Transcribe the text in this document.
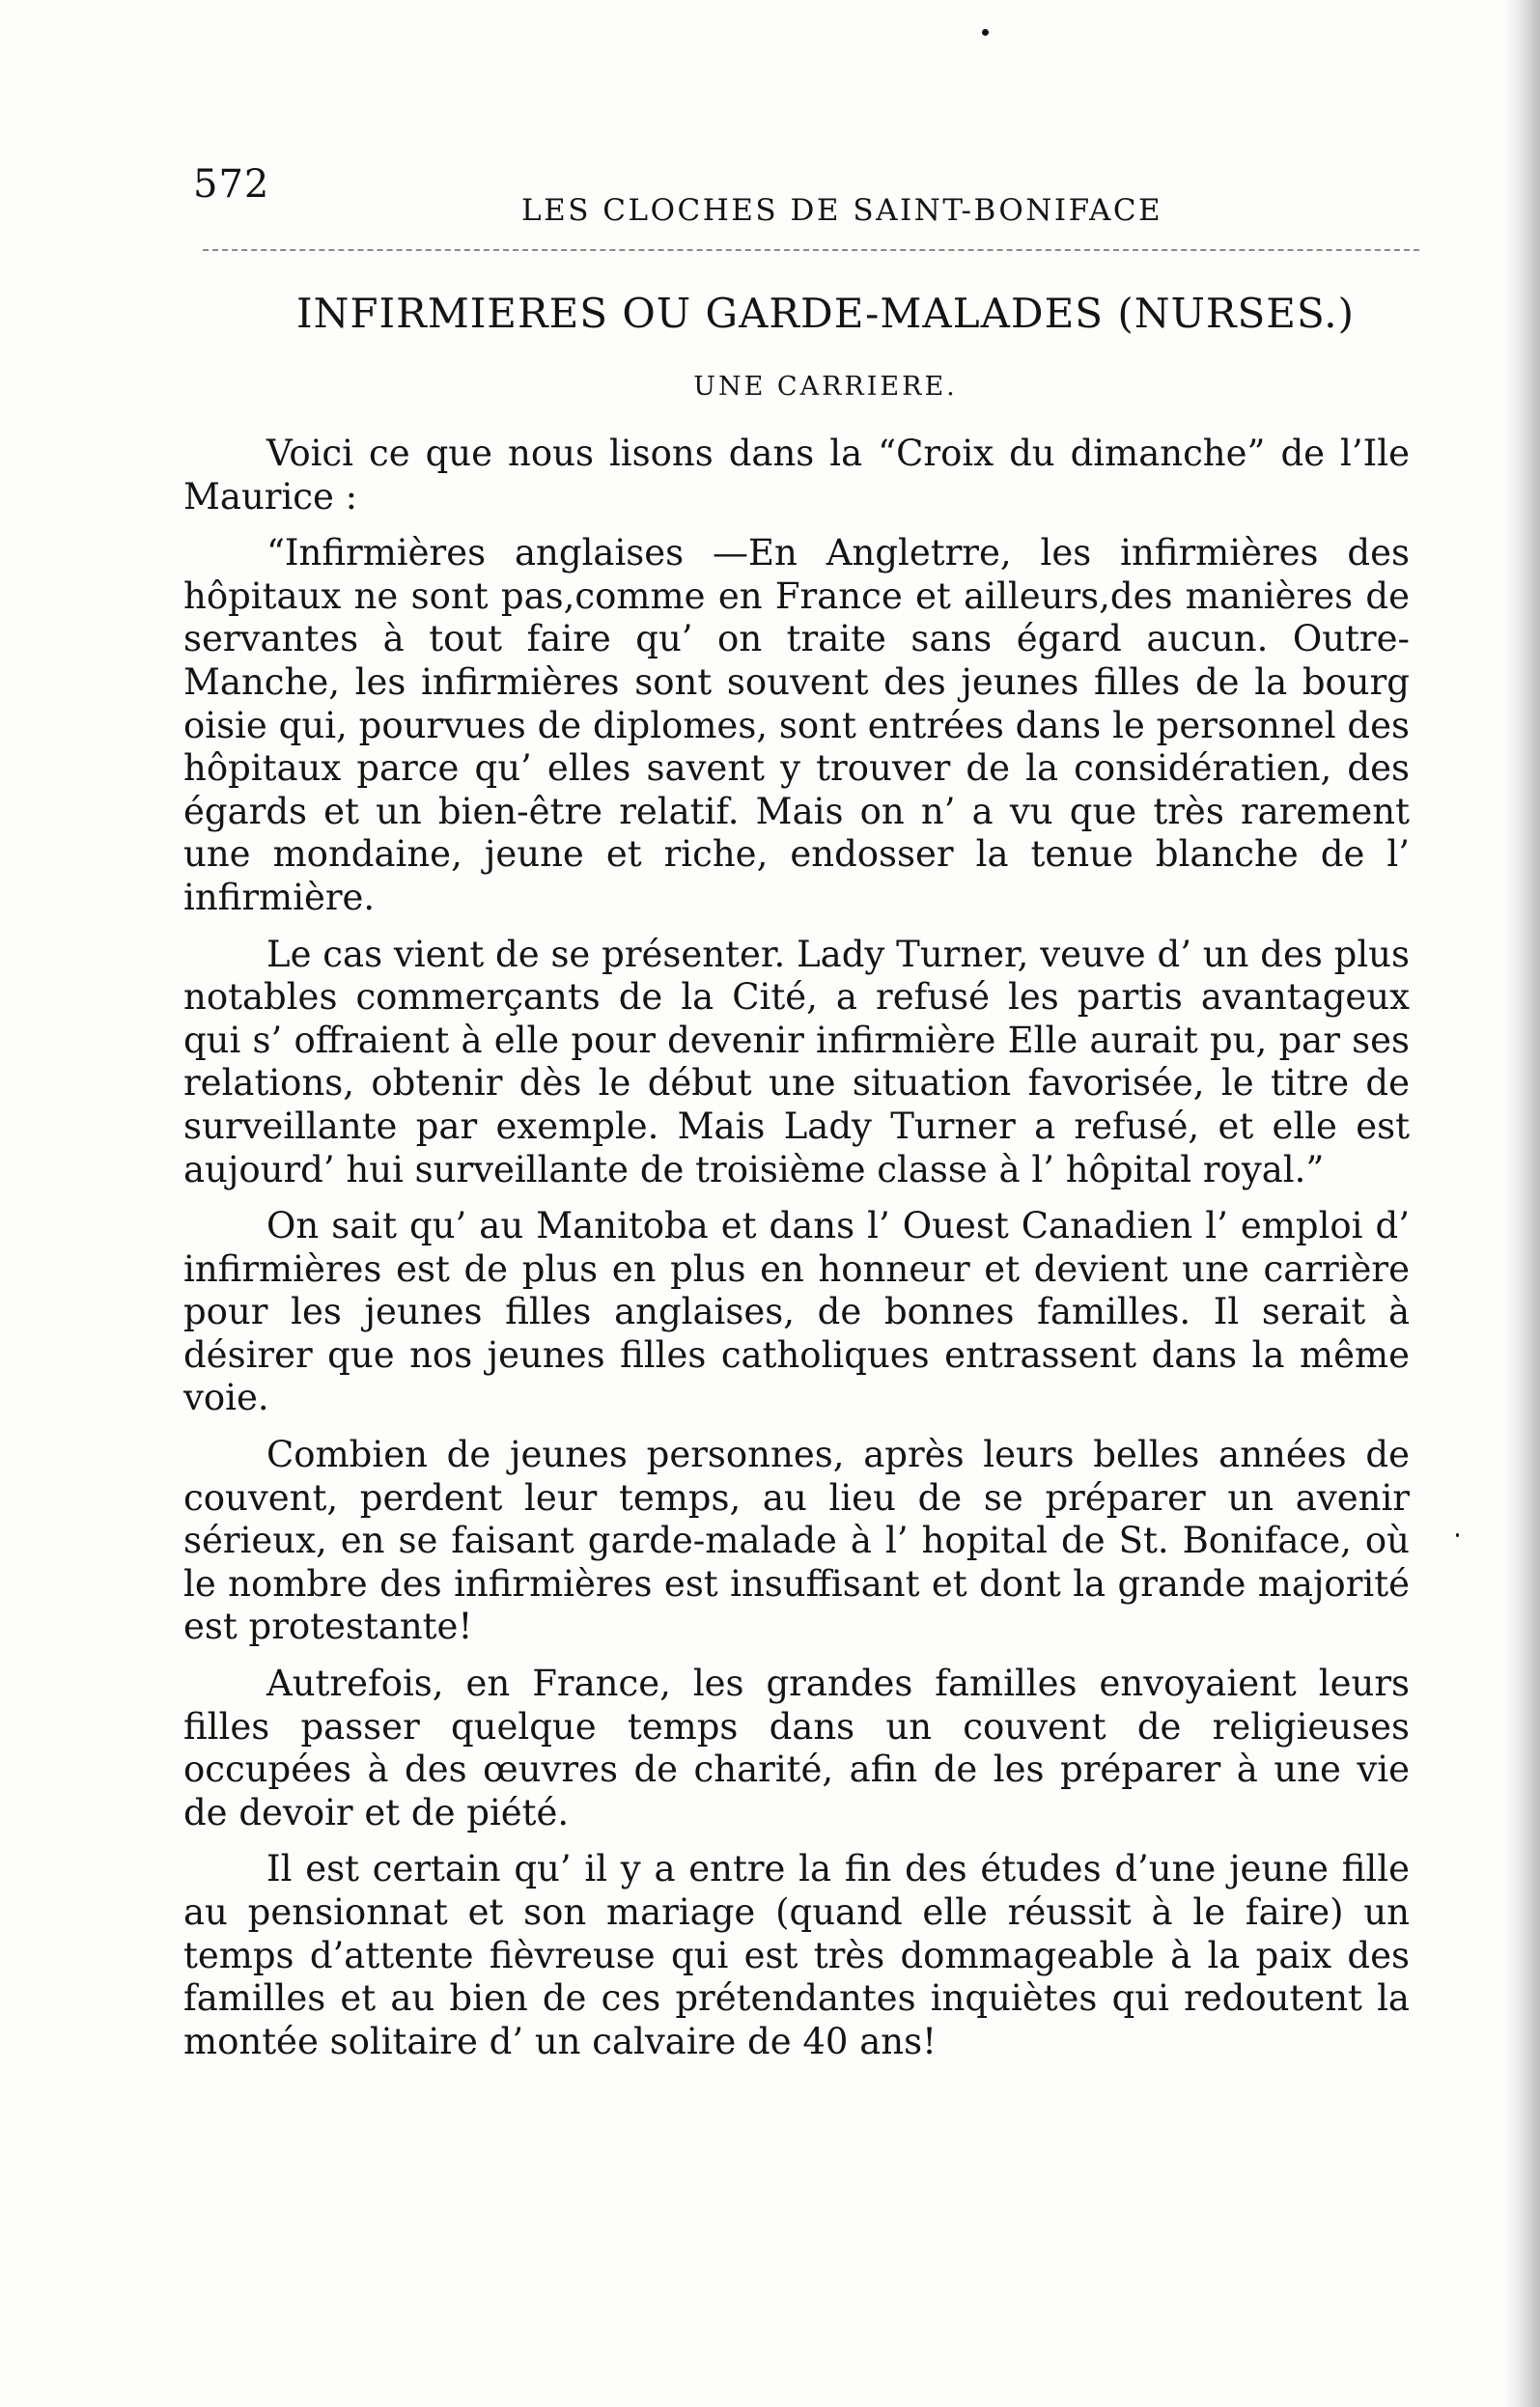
572
LES CLOCHES DE SAINT-BONIFACE
INFIRMIERES OU GARDE-MALADES (NURSES.)
UNE CARRIERE.

Voici ce que nous lisons dans la “Croix du dimanche” de l’Ile Maurice :

“Infirmières anglaises —En Angletrre, les infirmières des hôpitaux ne sont pas,comme en France et ailleurs,des manières de servantes à tout faire qu’ on traite sans égard aucun. Outre-Manche, les infirmières sont souvent des jeunes filles de la bourg oisie qui, pourvues de diplomes, sont entrées dans le personnel des hôpitaux parce qu’ elles savent y trouver de la considératien, des égards et un bien-être relatif. Mais on n’ a vu que très rarement une mondaine, jeune et riche, endosser la tenue blanche de l’ infirmière.

Le cas vient de se présenter. Lady Turner, veuve d’ un des plus notables commerçants de la Cité, a refusé les partis avantageux qui s’ offraient à elle pour devenir infirmière Elle aurait pu, par ses relations, obtenir dès le début une situation favorisée, le titre de surveillante par exemple. Mais Lady Turner a refusé, et elle est aujourd’ hui surveillante de troisième classe à l’ hôpital royal.”

On sait qu’ au Manitoba et dans l’ Ouest Canadien l’ emploi d’ infirmières est de plus en plus en honneur et devient une carrière pour les jeunes filles anglaises, de bonnes familles. Il serait à désirer que nos jeunes filles catholiques entrassent dans la même voie.

Combien de jeunes personnes, après leurs belles années de couvent, perdent leur temps, au lieu de se préparer un avenir sérieux, en se faisant garde-malade à l’ hopital de St. Boniface, où le nombre des infirmières est insuffisant et dont la grande majorité est protestante!

Autrefois, en France, les grandes familles envoyaient leurs filles passer quelque temps dans un couvent de religieuses occupées à des œuvres de charité, afin de les préparer à une vie de devoir et de piété.

Il est certain qu’ il y a entre la fin des études d’une jeune fille au pensionnat et son mariage (quand elle réussit à le faire) un temps d’attente fièvreuse qui est très dommageable à la paix des familles et au bien de ces prétendantes inquiètes qui redoutent la montée solitaire d’ un calvaire de 40 ans!
